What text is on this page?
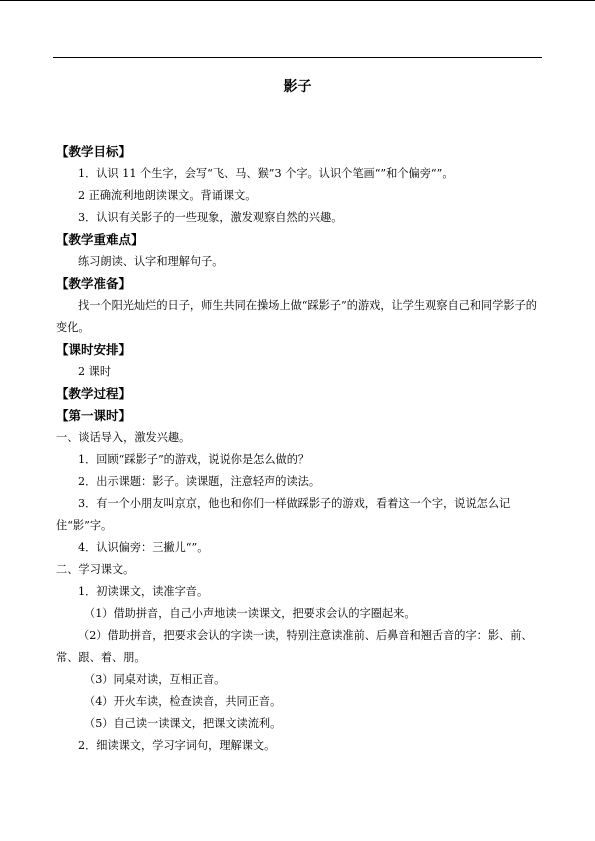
影子
【教学目标】
1．认识 11 个生字，会写“飞、马、猴”3 个字。认识个笔画“”和个偏旁“”。
2 正确流利地朗读课文。背诵课文。
3．认识有关影子的一些现象，激发观察自然的兴趣。
【教学重难点】
练习朗读、认字和理解句子。
【教学准备】
找一个阳光灿烂的日子，师生共同在操场上做“踩影子”的游戏，让学生观察自己和同学影子的变化。
【课时安排】
2 课时
【教学过程】
【第一课时】
一、谈话导入，激发兴趣。
1．回顾“踩影子”的游戏，说说你是怎么做的？
2．出示课题：影子。读课题，注意轻声的读法。
3．有一个小朋友叫京京，他也和你们一样做踩影子的游戏，看着这一个字，说说怎么记住“影”字。
4．认识偏旁：三撇儿“”。
二、学习课文。
1．初读课文，读准字音。
（1）借助拼音，自己小声地读一读课文，把要求会认的字圈起来。
（2）借助拼音，把要求会认的字读一读，特别注意读准前、后鼻音和翘舌音的字：影、前、常、跟、着、朋。
（3）同桌对读，互相正音。
（4）开火车读，检查读音，共同正音。
（5）自己读一读课文，把课文读流利。
2．细读课文，学习字词句，理解课文。
